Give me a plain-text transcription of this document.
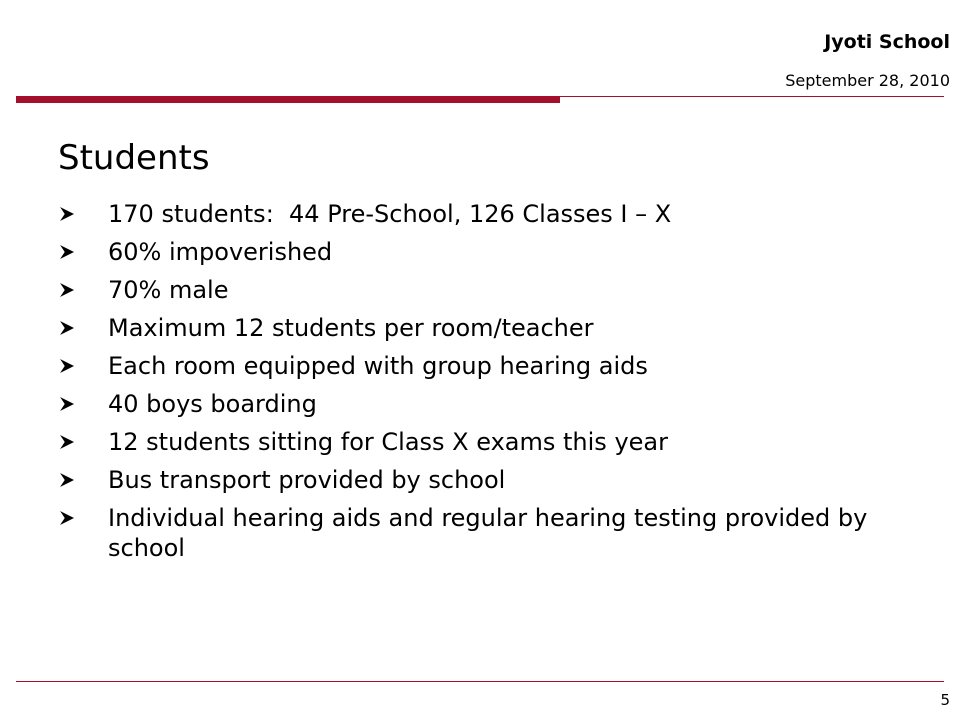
Jyoti School
September 28, 2010
Students
170 students:  44 Pre-School, 126 Classes I – X
60% impoverished
70% male
Maximum 12 students per room/teacher
Each room equipped with group hearing aids
40 boys boarding
12 students sitting for Class X exams this year
Bus transport provided by school
Individual hearing aids and regular hearing testing provided by school
5
